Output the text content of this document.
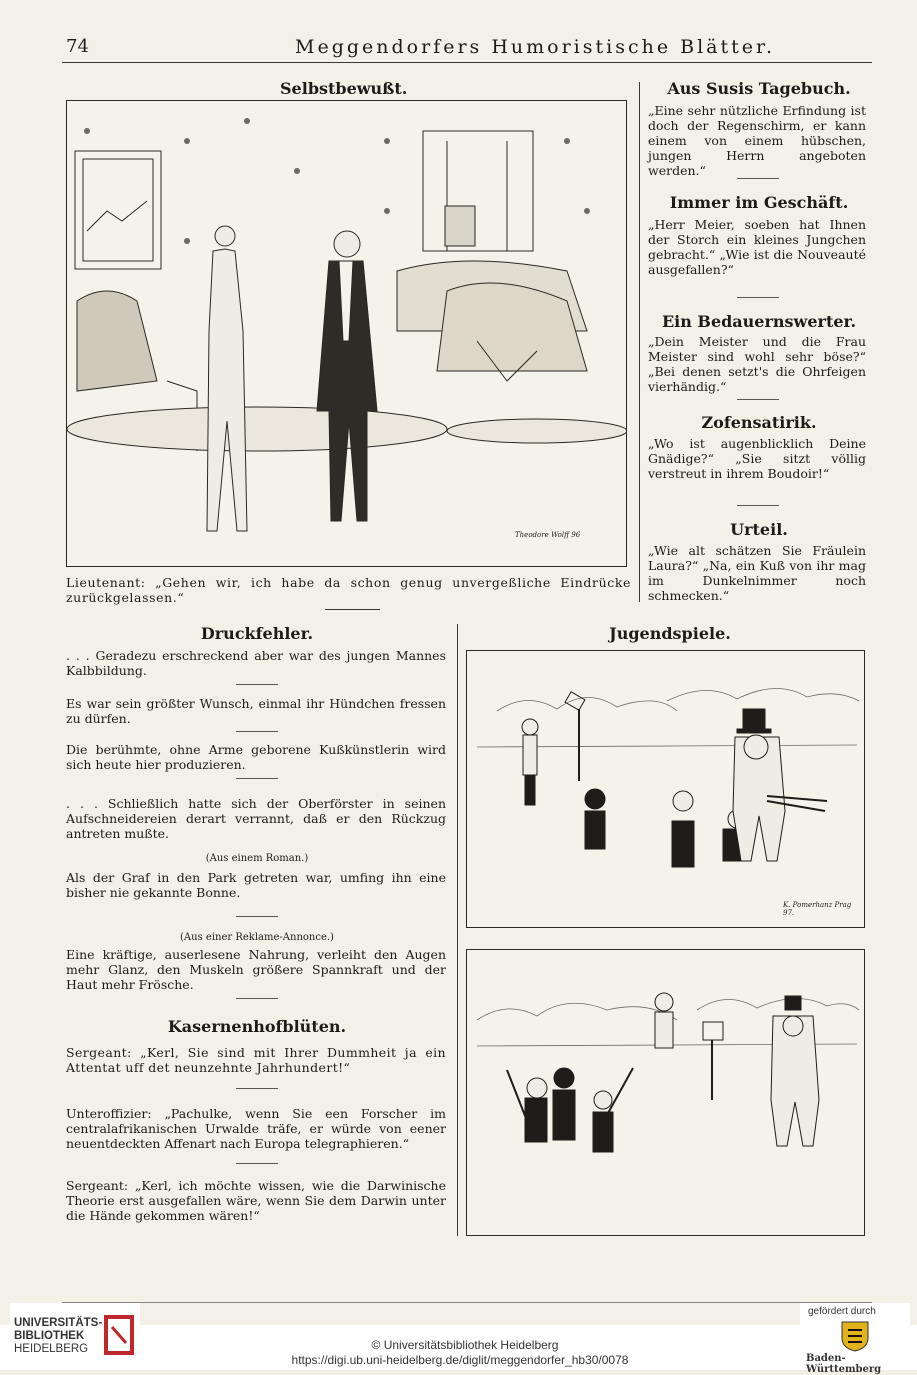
74	Meggendorfers Humoristische Blätter.
Selbstbewußt.
Theodore Wolff 96
Lieutenant: „Gehen wir, ich habe da schon genug unvergeßliche Eindrücke zurückgelassen.“
Aus Susis Tagebuch.
„Eine sehr nützliche Erfindung ist doch der Regenschirm, er kann einem von einem hübschen, jungen Herrn angeboten werden.“
Immer im Geschäft.
„Herr Meier, soeben hat Ihnen der Storch ein kleines Jungchen gebracht.“ „Wie ist die Nouveauté ausgefallen?“
Ein Bedauernswerter.
„Dein Meister und die Frau Meister sind wohl sehr böse?“ „Bei denen setzt's die Ohrfeigen vierhändig.“
Zofensatirik.
„Wo ist augenblicklich Deine Gnädige?“ „Sie sitzt völlig verstreut in ihrem Boudoir!“
Urteil.
„Wie alt schätzen Sie Fräulein Laura?“ „Na, ein Kuß von ihr mag im Dunkelnimmer noch schmecken.“
Druckfehler.
. . . Geradezu erschreckend aber war des jungen Mannes Kalbbildung.
Es war sein größter Wunsch, einmal ihr Hündchen fressen zu dürfen.
Die berühmte, ohne Arme geborene Kußkünstlerin wird sich heute hier produzieren.
. . . Schließlich hatte sich der Oberförster in seinen Aufschneidereien derart verrannt, daß er den Rückzug antreten mußte.
(Aus einem Roman.)
Als der Graf in den Park getreten war, umfing ihn eine bisher nie gekannte Bonne.
(Aus einer Reklame-Annonce.)
Eine kräftige, auserlesene Nahrung, verleiht den Augen mehr Glanz, den Muskeln größere Spannkraft und der Haut mehr Frösche.
Kasernenhofblüten.
Sergeant: „Kerl, Sie sind mit Ihrer Dummheit ja ein Attentat uff det neunzehnte Jahrhundert!“
Unteroffizier: „Pachulke, wenn Sie een Forscher im centralafrikanischen Urwalde träfe, er würde von eener neuentdeckten Affenart nach Europa telegraphieren.“
Sergeant: „Kerl, ich möchte wissen, wie die Darwinische Theorie erst ausgefallen wäre, wenn Sie dem Darwin unter die Hände gekommen wären!“
Jugendspiele.
K. Pomerhanz Prag 97.
UNIVERSITÄTS-
BIBLIOTHEK
HEIDELBERG	© Universitätsbibliothek Heidelberg
https://digi.ub.uni-heidelberg.de/diglit/meggendorfer_hb30/0078
gefördert durch
Baden-Württemberg
